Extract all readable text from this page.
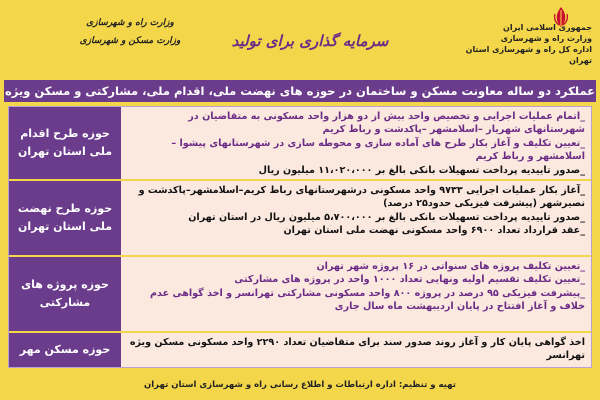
جمهوری اسلامی ایران
وزارت راه و شهرسازی
اداره کل راه و شهرسازی استان تهران
سرمایه گذاری برای تولید
وزارت راه و شهرسازی
وزارت مسکن و شهرسازی
عملکرد دو ساله معاونت مسکن و ساختمان در حوزه های نهضت ملی، اقدام ملی، مشارکتی و مسکن ویژه
_اتمام عملیات اجرایی و تخصیص واحد بیش از دو هزار واحد مسکونی به متقاضیان در شهرستانهای شهریار –اسلامشهر –پاکدشت و رباط کریم
_تعیین تکلیف و آغاز بکار طرح های آماده سازی و محوطه سازی در شهرستانهای پیشوا – اسلامشهر و رباط کریم
_صدور تاییدیه پرداخت تسهیلات بانکی بالغ بر ۱۱،۰۲۰،۰۰۰ میلیون ریال
حوزه طرح اقدام ملی استان تهران
_آغاز بکار عملیات اجرایی ۹۷۳۳ واحد مسکونی درشهرستانهای رباط کریم–اسلامشهر–پاکدشت و نصیرشهر (پیشرفت فیزیکی حدود۲۵ درصد)
_صدور تاییدیه پرداخت تسهیلات بانکی بالغ بر ۵،۷۰۰،۰۰۰ میلیون ریال در استان تهران
_عقد قرارداد تعداد ۶۹۰۰ واحد مسکونی نهضت ملی استان تهران
حوزه طرح نهضت ملی استان تهران
_تعیین تکلیف پروژه های سنواتی در ۱۶ پروژه شهر تهران
_تعیین تکلیف تقسیم اولیه ونهایی تعداد ۱۰۰۰ واحد در پروژه های مشارکتی
_پیشرفت فیزیکی ۹۵ درصد در پروژه ۸۰۰ واحد مسکونی مشارکتی تهرانسر و اخذ گواهی عدم خلاف و آغاز افتتاح در پایان اردیبهشت ماه سال جاری
حوزه پروژه های مشارکتی
اخذ گواهی پایان کار و آغاز روند صدور سند برای متقاضیان تعداد ۲۲۹۰ واحد مسکونی مسکن ویژه تهرانسر
حوزه مسکن مهر
تهیه و تنظیم: اداره ارتباطات و اطلاع رسانی راه و شهرسازی استان تهران
